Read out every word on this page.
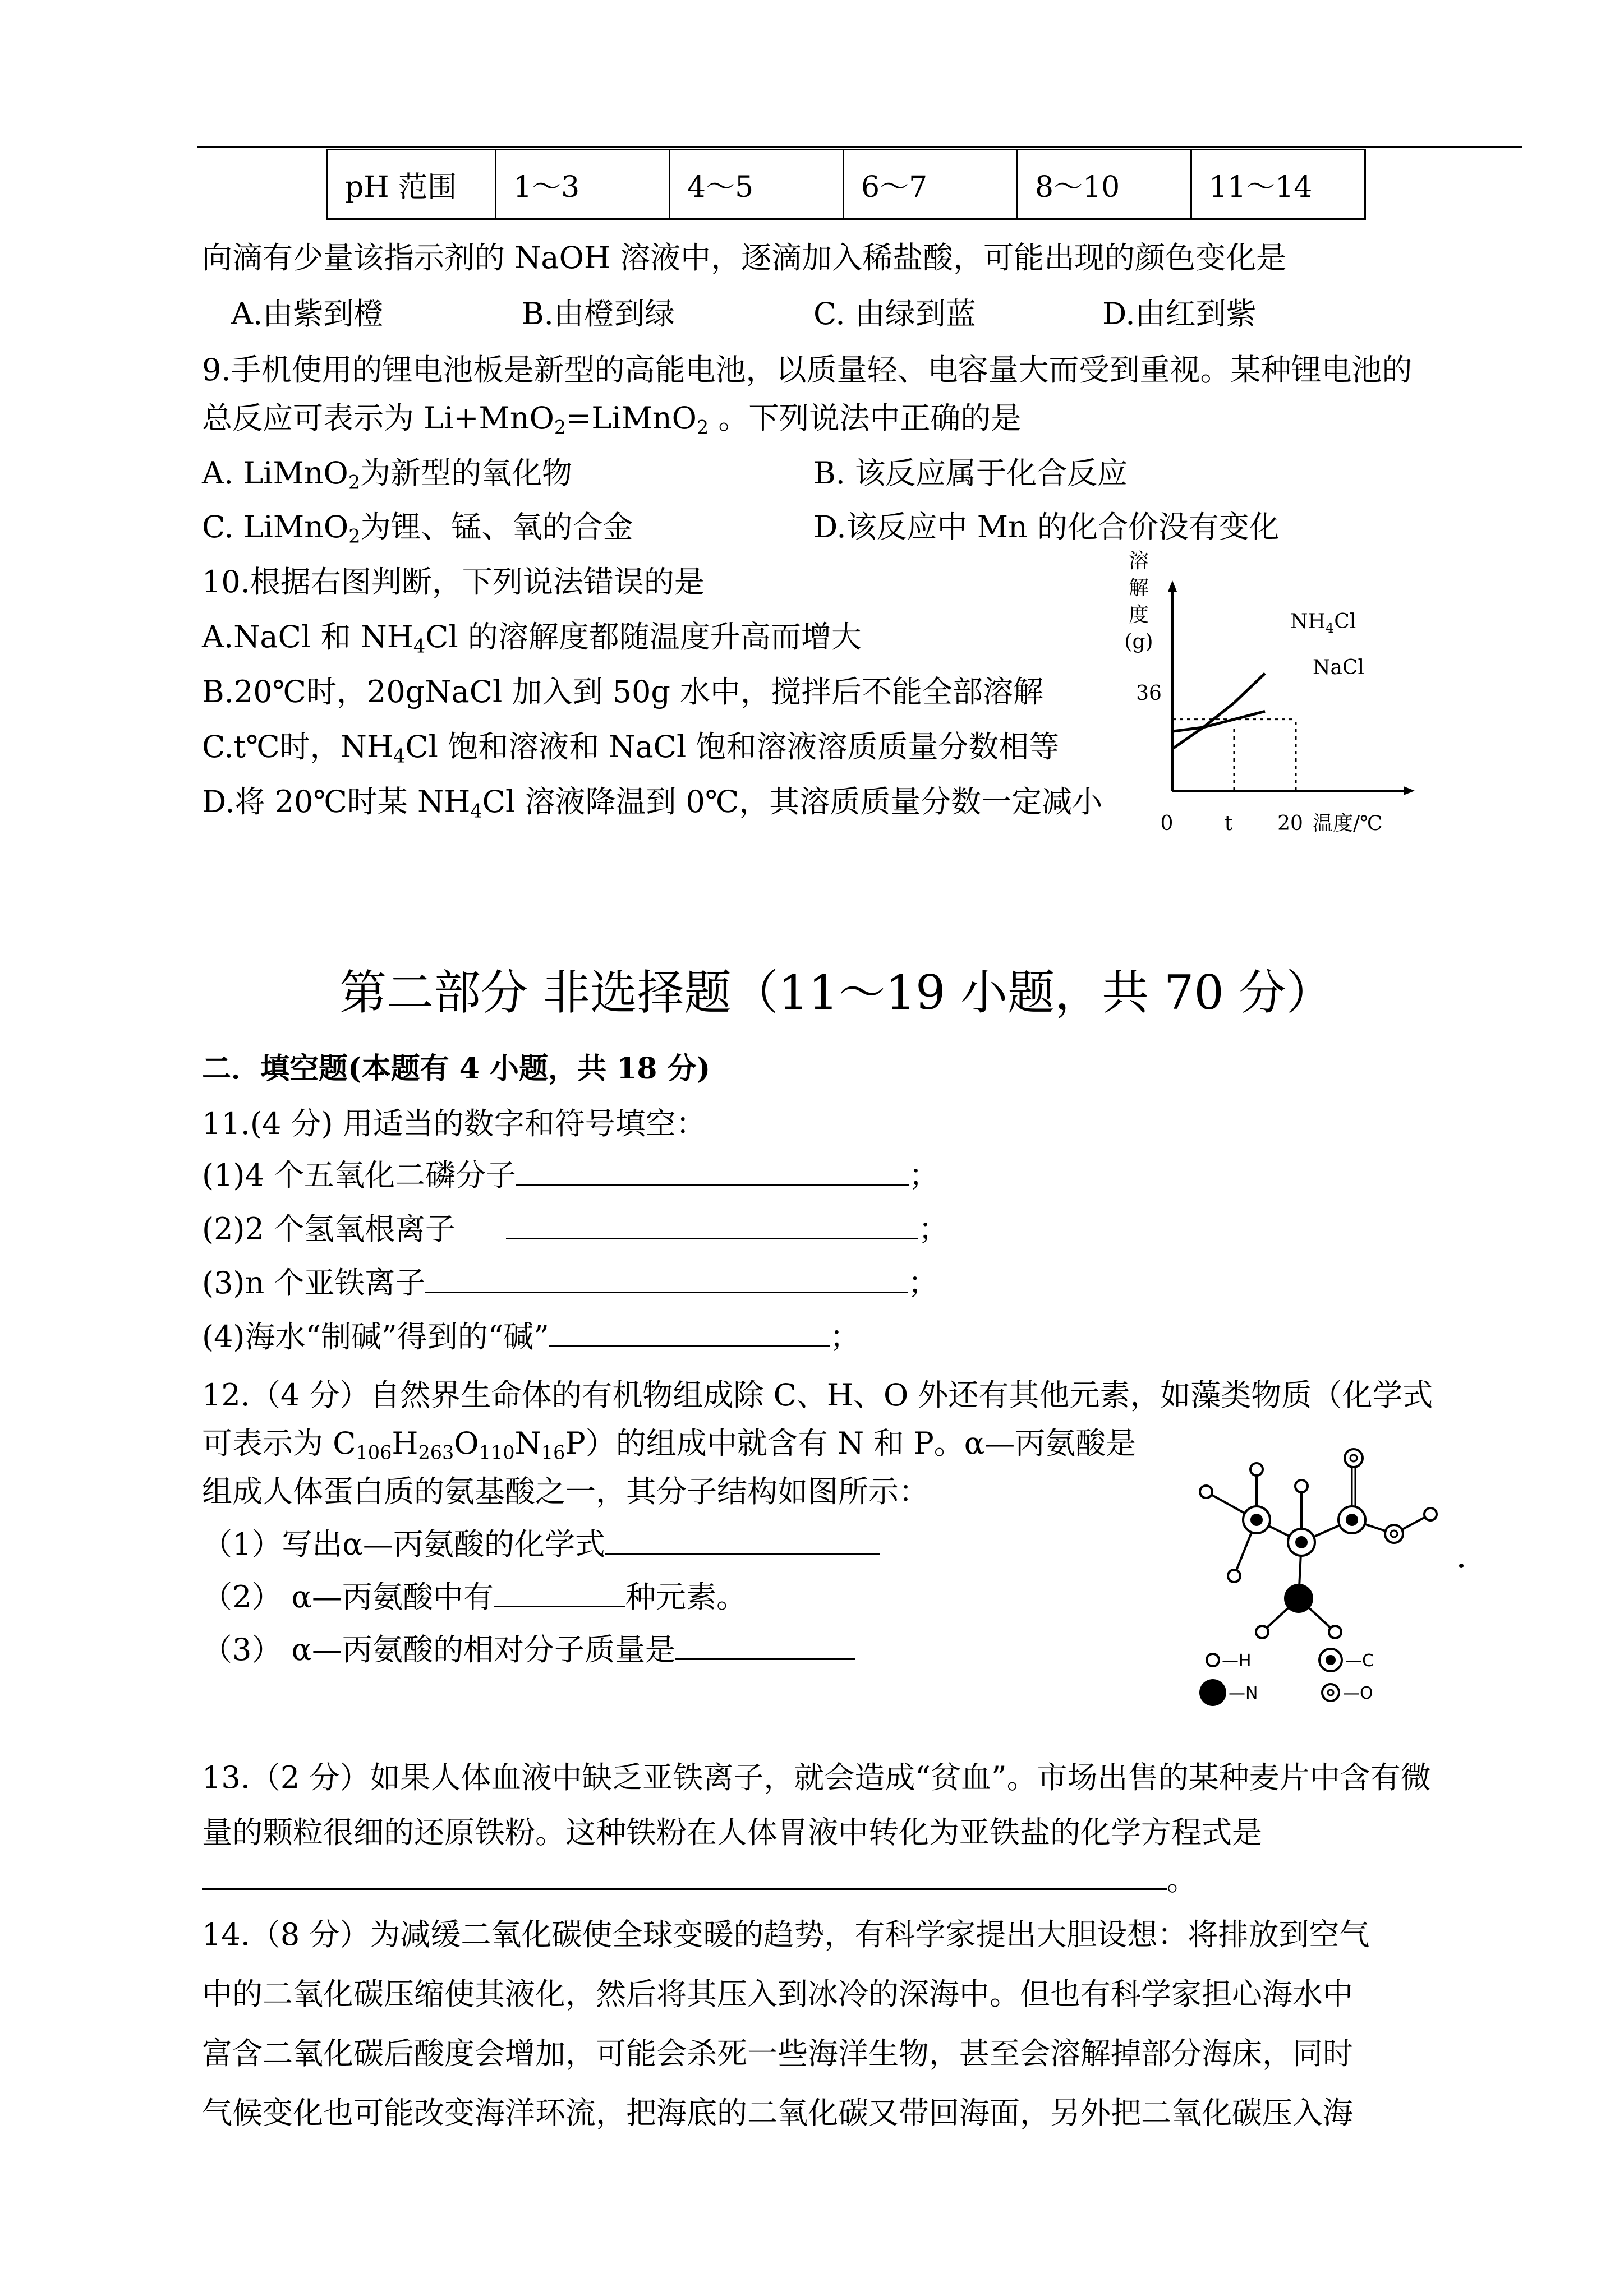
pH 范围	1～3	4～5	6～7	8～10	11～14
向滴有少量该指示剂的 NaOH 溶液中，逐滴加入稀盐酸，可能出现的颜色变化是
A.由紫到橙	B.由橙到绿	C. 由绿到蓝	D.由红到紫
9.手机使用的锂电池板是新型的高能电池，以质量轻、电容量大而受到重视。某种锂电池的
总反应可表示为 Li+MnO$_2$=LiMnO$_2$ 。下列说法中正确的是
A. LiMnO$_2$为新型的氧化物	B. 该反应属于化合反应
C. LiMnO$_2$为锂、锰、氧的合金	D.该反应中 Mn 的化合价没有变化
10.根据右图判断，下列说法错误的是
A.NaCl 和 $NH_4Cl$ 的溶解度都随温度升高而增大
B.20℃时，20gNaCl 加入到 50g 水中，搅拌后不能全部溶解
C.t℃时，$NH_4Cl$ 饱和溶液和 NaCl 饱和溶液溶质质量分数相等
D.将 20℃时某 $NH_4Cl$ 溶液降温到 0℃，其溶质质量分数一定减小
溶
解
度
(g)
36
0	t 20 温度/℃
$NH_4Cl$
NaCl
第二部分 非选择题（11～19 小题，共 70 分）
二．填空题(本题有 4 小题，共 18 分)
11.(4 分) 用适当的数字和符号填空：
(1)4 个五氧化二磷分子	；
(2)2 个氢氧根离子	；
(3)n 个亚铁离子	；
(4)海水“制碱”得到的“碱”	；
12.（4 分）自然界生命体的有机物组成除 C、H、O 外还有其他元素，如藻类物质（化学式
可表示为 $C_{106}H_{263}O_{110}N_{16}P$）的组成中就含有 N 和 P。α—丙氨酸是
组成人体蛋白质的氨基酸之一，其分子结构如图所示：
（1）写出α—丙氨酸的化学式
（2） α—丙氨酸中有	种元素。
（3） α—丙氨酸的相对分子质量是	—H	—C
—N	—O
13.（2 分）如果人体血液中缺乏亚铁离子，就会造成“贫血”。市场出售的某种麦片中含有微
量的颗粒很细的还原铁粉。这种铁粉在人体胃液中转化为亚铁盐的化学方程式是
。
14.（8 分）为减缓二氧化碳使全球变暖的趋势，有科学家提出大胆设想：将排放到空气
中的二氧化碳压缩使其液化，然后将其压入到冰冷的深海中。但也有科学家担心海水中
富含二氧化碳后酸度会增加，可能会杀死一些海洋生物，甚至会溶解掉部分海床，同时
气候变化也可能改变海洋环流，把海底的二氧化碳又带回海面，另外把二氧化碳压入海
